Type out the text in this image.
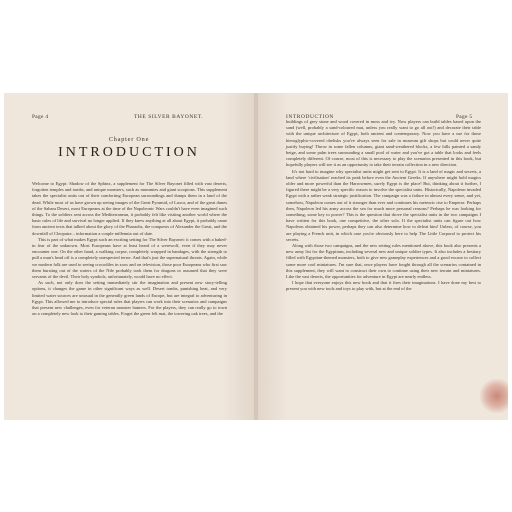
Page 4	THE SILVER BAYONET.
Chapter One
INTRODUCTION

Welcome to Egypt: Shadow of the Sphinx, a supplement for The Silver Bayonet filled with vast deserts, forgotten temples and tombs, and unique monsters, such as mummies and giant scorpions. This supplement takes the specialist units out of their comforting European surroundings and dumps them in a land of the dead. While most of us have grown up seeing images of the Great Pyramid, of Luxor, and of the great dunes of the Sahara Desert, most Europeans at the time of the Napoleonic Wars couldn't have even imagined such things. To the soldiers sent across the Mediterranean, it probably felt like visiting another world where the basic rules of life and survival no longer applied. If they knew anything at all about Egypt, it probably came from ancient texts that talked about the glory of the Pharaohs, the conquests of Alexander the Great, and the downfall of Cleopatra – information a couple millennia out of date.

This is part of what makes Egypt such an exciting setting for The Silver Bayonet: it comes with a baked-in fear of the unknown. Most Europeans have at least heard of a werewolf, even if they may never encounter one. On the other hand, a walking corpse, completely wrapped in bandages, with the strength to pull a man's head off is a completely unexpected terror. And that's just the supernatural threats. Again, while we modern folk are used to seeing crocodiles in zoos and on television, those poor Europeans who first saw them bursting out of the waters of the Nile probably took them for dragons or assumed that they were servants of the devil. Their holy symbols, unfortunately, would have no effect.

As such, not only does the setting immediately stir the imagination and present new story-telling options, it changes the game in other significant ways as well. Desert tombs, punishing heat, and very limited water sources are unusual in the generally green lands of Europe, but are integral to adventuring in Egypt. This allowed me to introduce special rules that players can work into their scenarios and campaigns that present new challenges, even for veteran monster hunters. For the players, they can really go to town on a completely new look to their gaming tables. Forget the green felt mat, the towering oak trees, and the

INTRODUCTION	Page 5

buildings of grey stone and wood covered in moss and ivy. Now players can build tables based upon the sand (well, probably a sand-coloured mat, unless you really want to go all out!) and decorate their table with the unique architecture of Egypt, both ancient and contemporary. Now you have a use for those hieroglyphic-covered obelisks you've always seen for sale in museum gift shops but could never quite justify buying! Throw in some fallen columns, giant sand-weathered blocks, a few hills painted a sandy beige, and some palm trees surrounding a small pool of water and you've got a table that looks and feels completely different. Of course, most of this is necessary to play the scenarios presented in this book, but hopefully players will see it as an opportunity to take their terrain collection in a new direction.

It's not hard to imagine why specialist units might get sent to Egypt. It is a land of magic and secrets, a land where 'civilisation' reached its peak before even the Ancient Greeks. If anywhere might hold magics older and more powerful than the Harrowmen, surely Egypt is the place! But, thinking about it further, I figured there might be a very specific reason to involve the specialist units. Historically, Napoleon invaded Egypt with a rather weak strategic justification. The campaign was a failure in almost every sense, and yet, somehow, Napoleon comes out of it stronger than ever and continues his meteoric rise to Emperor. Perhaps then, Napoleon led his army across the sea for much more personal reasons? Perhaps he was looking for something, some key to power? This is the question that drove the specialist units in the two campaigns I have written for this book, one competitive, the other solo. If the specialist units can figure out how Napoleon obtained his power, perhaps they can also determine how to defeat him! Unless, of course, you are playing a French unit, in which case you're obviously here to help The Little Corporal to protect his secrets.

Along with those two campaigns, and the new setting rules mentioned above, this book also presents a new army list for the Egyptians, including several new and unique soldier types. It also includes a bestiary filled with Egyptian-themed monsters, both to give new gameplay experiences and a good excuse to collect some more cool miniatures. I'm sure that, once players have fought through all the scenarios contained in this supplement, they will want to construct their own to continue using their new terrain and miniatures. Like the vast deserts, the opportunities for adventure in Egypt are nearly endless.

I hope that everyone enjoys this new book and that it fires their imaginations. I have done my best to present you with new tools and toys to play with, but at the end of the
